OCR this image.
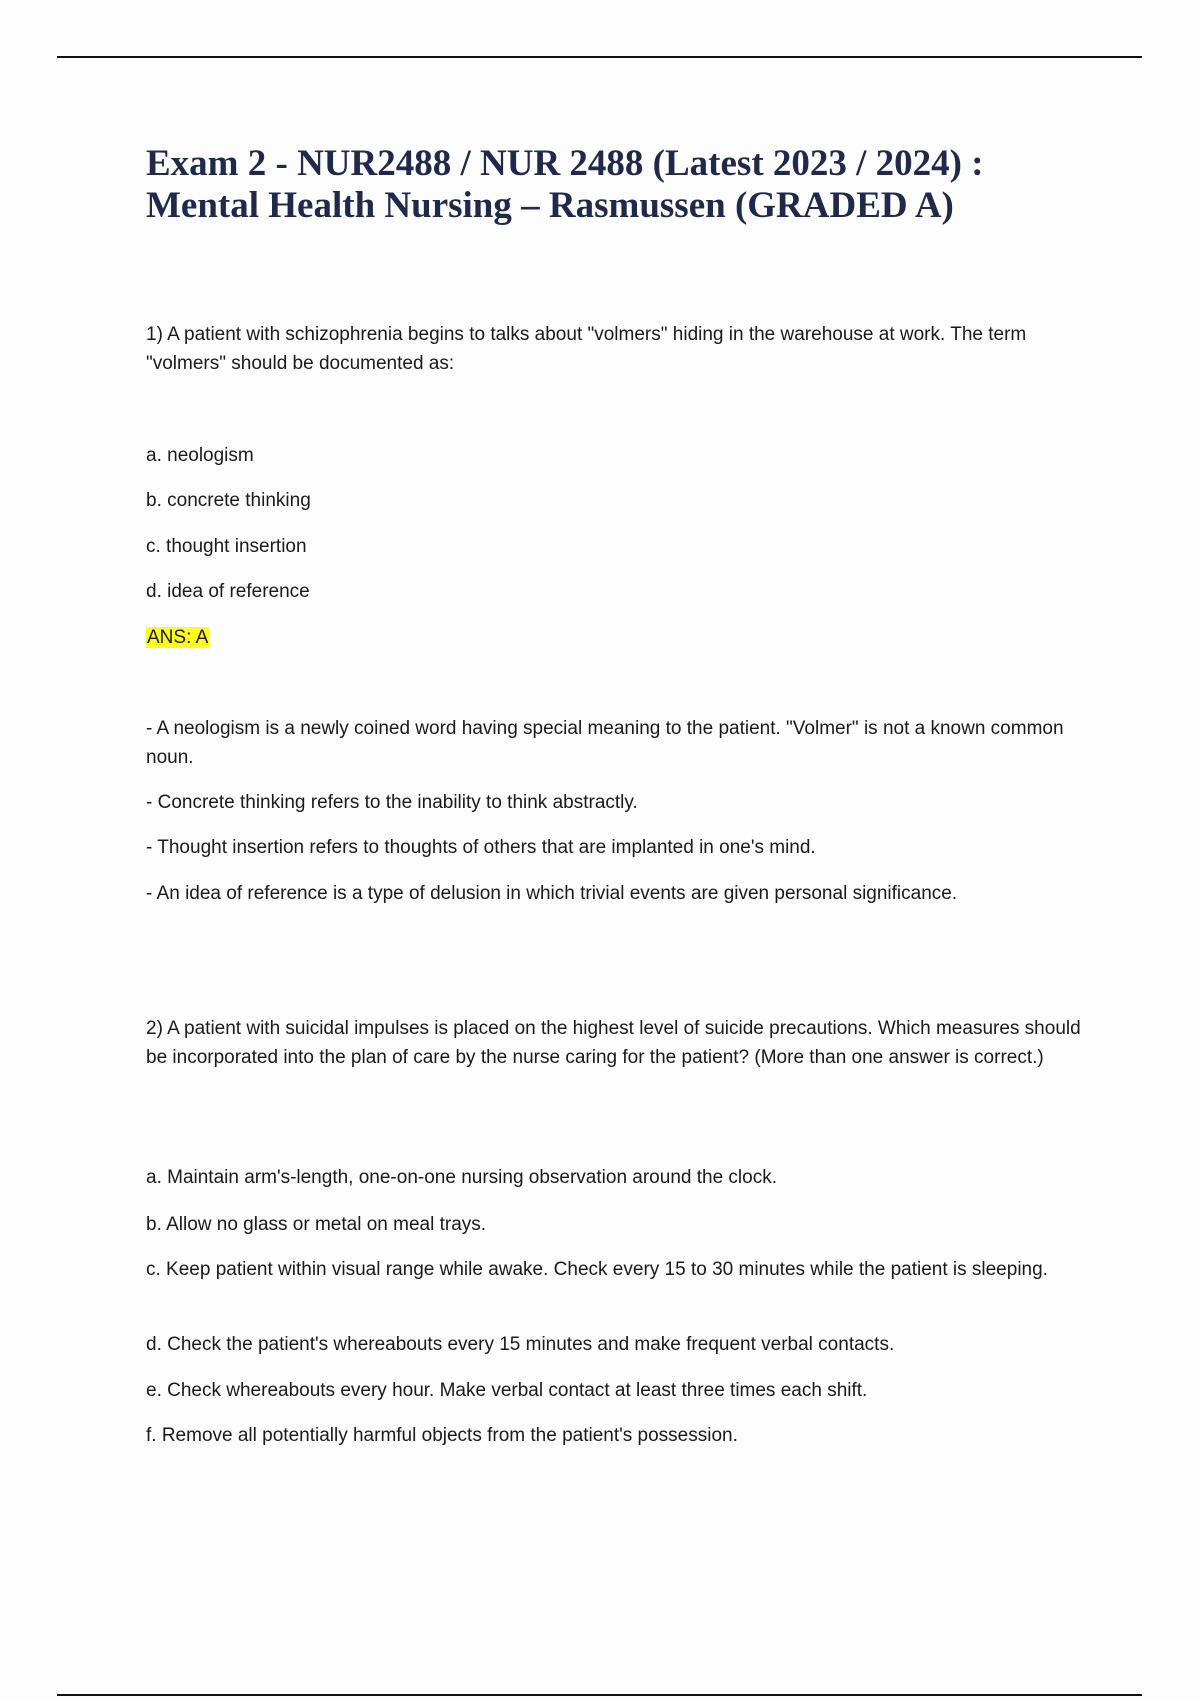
Exam 2 - NUR2488 / NUR 2488 (Latest 2023 / 2024) :
Mental Health Nursing – Rasmussen (GRADED A)

1) A patient with schizophrenia begins to talks about "volmers" hiding in the warehouse at work. The term "volmers" should be documented as:

a. neologism

b. concrete thinking

c. thought insertion

d. idea of reference

ANS: A

- A neologism is a newly coined word having special meaning to the patient. "Volmer" is not a known common noun.

- Concrete thinking refers to the inability to think abstractly.

- Thought insertion refers to thoughts of others that are implanted in one's mind.

- An idea of reference is a type of delusion in which trivial events are given personal significance.

2) A patient with suicidal impulses is placed on the highest level of suicide precautions. Which measures should be incorporated into the plan of care by the nurse caring for the patient? (More than one answer is correct.)

a. Maintain arm's-length, one-on-one nursing observation around the clock.

b. Allow no glass or metal on meal trays.

c. Keep patient within visual range while awake. Check every 15 to 30 minutes while the patient is sleeping.

d. Check the patient's whereabouts every 15 minutes and make frequent verbal contacts.

e. Check whereabouts every hour. Make verbal contact at least three times each shift.

f. Remove all potentially harmful objects from the patient's possession.
